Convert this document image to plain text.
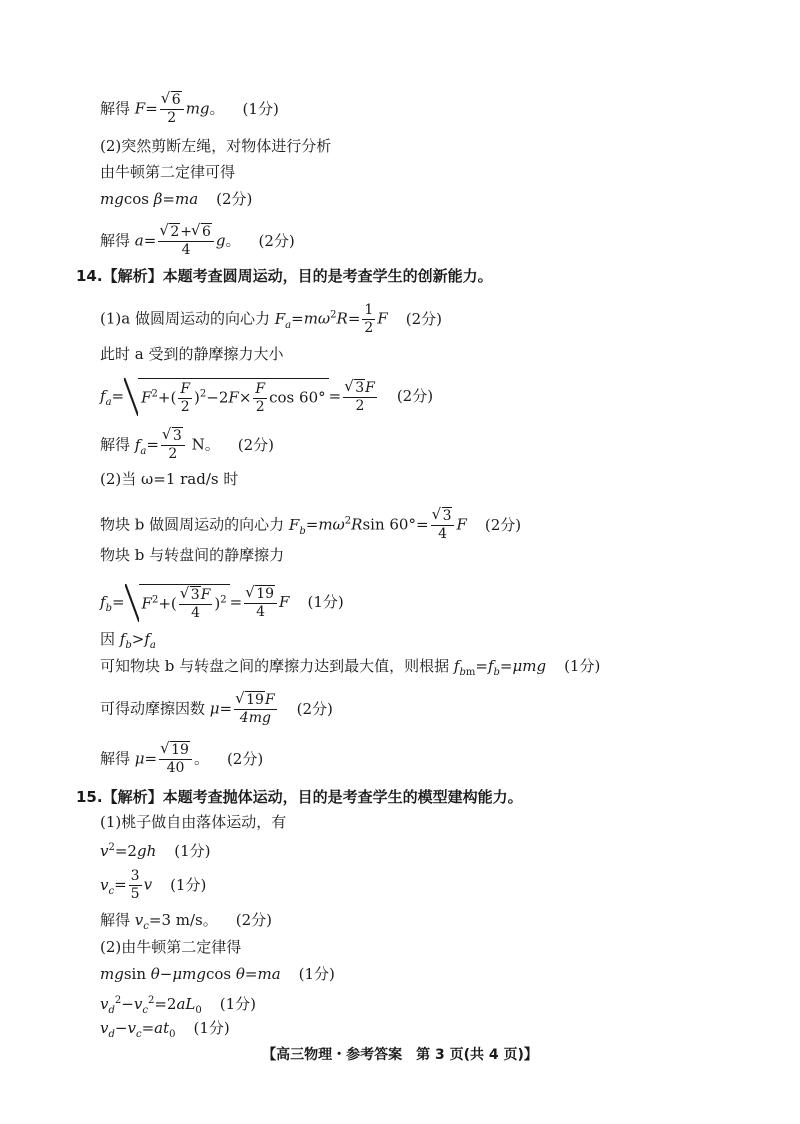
解得 F= √ $\frac{6}{2}$ mg。 (1分)
(2)突然剪断左绳，对物体进行分析
由牛顿第二定律可得
mgcos β=ma (2分)
解得 a= √ $\frac{2+ √ 6}{4}$ g。 (2分)
14.【解析】本题考查圆周运动，目的是考查学生的创新能力。
(1)a 做圆周运动的向心力 $F_a=m\omega^2R= \frac{1}{2}$ F (2分)
此时 a 受到的静摩擦力大小
$f_a= F^2+( \frac{F}{2} )^2-2F\times \frac{F}{2}$ cos 60° = √ $\frac{3F}{2} (2$分)
解得 $f_a=$ √ $\frac{3}{2}$ N。 (2分)
(2)当 ω=1 rad/s 时
物块 b 做圆周运动的向心力 $F_b=m\omega^2Rsin$ 60°= √ $\frac{3}{4}$ F (2分)
物块 b 与转盘间的静摩擦力
$f_b= F^2+$( √ $\frac{3F}{4} )^2$ = √ $\frac{19}{4}$ F (1分)
因 $f_b>f_a$
可知物块 b 与转盘之间的摩擦力达到最大值，则根据 $f_{bm}=f_b=\mu mg$ (1分)
可得动摩擦因数 μ= √ $\frac{19F}{4mg} (2$分)
解得 μ= √ $\frac{19}{40}$ 。 (2分)
15.【解析】本题考查抛体运动，目的是考查学生的模型建构能力。
(1)桃子做自由落体运动，有
$v^2=2gh$ (1分)
$v_c= \frac{3}{5}$ v (1分)
解得 $v_c=3$ m/s。 (2分)
(2)由牛顿第二定律得
mgsin θ−μmgcos θ=ma (1分)
$v_d^2-v_c^2=2aL_0$ (1分)
$v_d-v_c=at_0$ (1分)
【高三物理・参考答案　第 3 页(共 4 页)】
